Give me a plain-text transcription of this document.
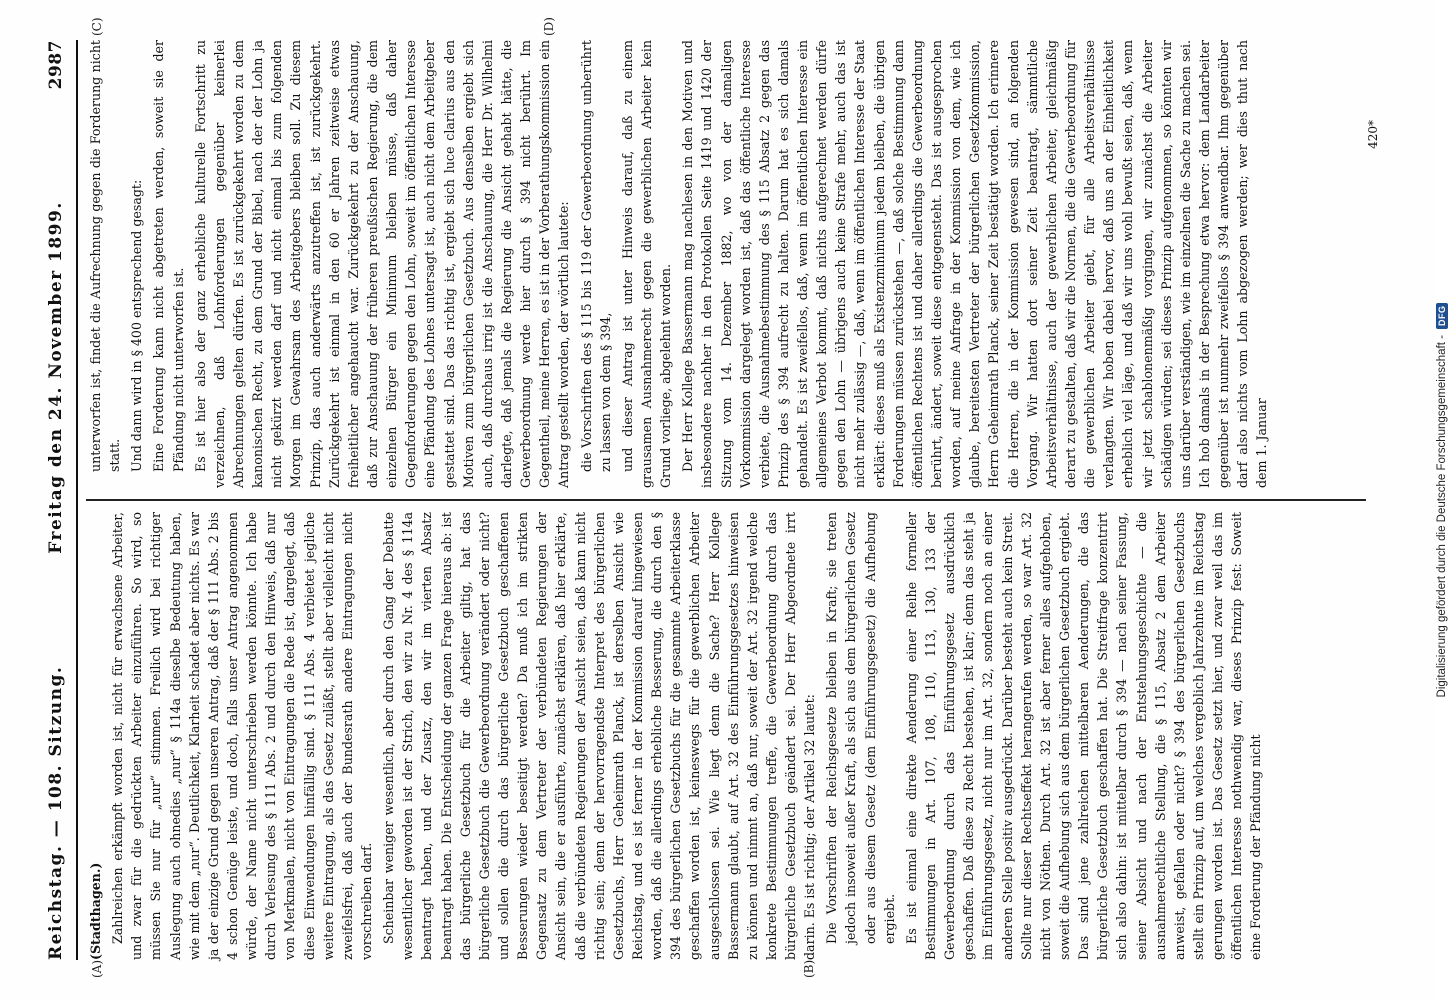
Reichstag. — 108. Sitzung.
Freitag den 24. November 1899.
2987
(A)	(B)
(C)	(D)

(Stadthagen.) Zahlreichen erkämpft worden ist, nicht für erwachsene Arbeiter, und zwar für die gedrückten Arbeiter einzuführen. So wird, so müssen Sie nur für „nur“ stimmen. Freilich wird bei richtiger Auslegung auch ohnedies „nur“ § 114a dieselbe Bedeutung haben, wie mit dem „nur“. Deutlichkeit, Klarheit schadet aber nichts. Es war ja der einzige Grund gegen unseren Antrag, daß der § 111 Abs. 2 bis 4 schon Genüge leiste, und doch, falls unser Antrag angenommen würde, der Name nicht unterschrieben werden könnte. Ich habe durch Verlesung des § 111 Abs. 2 und durch den Hinweis, daß nur von Merkmalen, nicht von Eintragungen die Rede ist, dargelegt, daß diese Einwendungen hinfällig sind. § 111 Abs. 4 verbietet jegliche weitere Eintragung, als das Gesetz zuläßt, stellt aber vielleicht nicht zweifelsfrei, daß auch der Bundesrath andere Eintragungen nicht vorschreiben darf. Scheinbar weniger wesentlich, aber durch den Gang der Debatte wesentlicher geworden ist der Strich, den wir zu Nr. 4 des § 114a beantragt haben, und der Zusatz, den wir im vierten Absatz beantragt haben. Die Entscheidung der ganzen Frage hieraus ab: ist das bürgerliche Gesetzbuch für die Arbeiter giltig, hat das bürgerliche Gesetzbuch die Gewerbeordnung verändert oder nicht? und sollen die durch das bürgerliche Gesetzbuch geschaffenen Besserungen wieder beseitigt werden? Da muß ich im strikten Gegensatz zu dem Vertreter der verbündeten Regierungen der Ansicht sein, die er ausführte, zunächst erklären, daß hier erklärte, daß die verbündeten Regierungen der Ansicht seien, daß kann nicht richtig sein; denn der hervorragendste Interpret des bürgerlichen Gesetzbuchs, Herr Geheimrath Planck, ist derselben Ansicht wie Reichstag, und es ist ferner in der Kommission darauf hingewiesen worden, daß die allerdings erhebliche Besserung, die durch den § 394 des bürgerlichen Gesetzbuchs für die gesammte Arbeiterklasse geschaffen worden ist, keineswegs für die gewerblichen Arbeiter ausgeschlossen sei. Wie liegt denn die Sache? Herr Kollege Bassermann glaubt, auf Art. 32 des Einführungsgesetzes hinweisen zu können und nimmt an, daß nur, soweit der Art. 32 irgend welche konkrete Bestimmungen treffe, die Gewerbeordnung durch das bürgerliche Gesetzbuch geändert sei. Der Herr Abgeordnete irrt darin. Es ist richtig; der Artikel 32 lautet: Die Vorschriften der Reichsgesetze bleiben in Kraft; sie treten jedoch insoweit außer Kraft, als sich aus dem bürgerlichen Gesetz oder aus diesem Gesetz (dem Einführungsgesetz) die Aufhebung ergiebt. Es ist einmal eine direkte Aenderung einer Reihe formeller Bestimmungen in Art. 107, 108, 110, 113, 130, 133 der Gewerbeordnung durch das Einführungsgesetz ausdrücklich geschaffen. Daß diese zu Recht bestehen, ist klar; denn das steht ja im Einführungsgesetz, nicht nur im Art. 32, sondern noch an einer anderen Stelle positiv ausgedrückt. Darüber besteht auch kein Streit. Sollte nur dieser Rechtseffekt herangerufen werden, so war Art. 32 nicht von Nöthen. Durch Art. 32 ist aber ferner alles aufgehoben, soweit die Aufhebung sich aus dem bürgerlichen Gesetzbuch ergiebt. Das sind jene zahlreichen mittelbaren Aenderungen, die das bürgerliche Gesetzbuch geschaffen hat. Die Streitfrage konzentrirt sich also dahin: ist mittelbar durch § 394 — nach seiner Fassung, seiner Absicht und nach der Entstehungsgeschichte — die ausnahmerechtliche Stellung, die § 115, Absatz 2 dem Arbeiter anweist, gefallen oder nicht? § 394 des bürgerlichen Gesetzbuchs stellt ein Prinzip auf, um welches vergeblich Jahrzehnte im Reichstag gerungen worden ist. Das Gesetz setzt hier, und zwar weil das im öffentlichen Interesse nothwendig war, dieses Prinzip fest: Soweit eine Forderung der Pfändung nicht

unterworfen ist, findet die Aufrechnung gegen die Forderung nicht statt. Und dann wird in § 400 entsprechend gesagt: Eine Forderung kann nicht abgetreten werden, soweit sie der Pfändung nicht unterworfen ist. Es ist hier also der ganz erhebliche kulturelle Fortschritt zu verzeichnen, daß Lohnforderungen gegenüber keinerlei Abrechnungen gelten dürfen. Es ist zurückgekehrt worden zu dem kanonischen Recht, zu dem Grund der Bibel, nach der der Lohn ja nicht gekürzt werden darf und nicht einmal bis zum folgenden Morgen im Gewahrsam des Arbeitgebers bleiben soll. Zu diesem Prinzip, das auch anderwärts anzutreffen ist, ist zurückgekehrt. Zurückgekehrt ist einmal in den 60 er Jahren zeitweise etwas freiheitlicher angehaucht war. Zurückgekehrt zu der Anschauung, daß zur Anschauung der früheren preußischen Regierung, die dem einzelnen Bürger ein Minimum bleiben müsse, daß daher Gegenforderungen gegen den Lohn, soweit im öffentlichen Interesse eine Pfändung des Lohnes untersagt ist, auch nicht dem Arbeitgeber gestattet sind. Das das richtig ist, ergiebt sich luce clarius aus den Motiven zum bürgerlichen Gesetzbuch. Aus denselben ergiebt sich auch, daß durchaus irrig ist die Anschauung, die Herr Dr. Wilhelmi darlegte, daß jemals die Regierung die Ansicht gehabt hätte, die Gewerbeordnung werde hier durch § 394 nicht berührt. Im Gegentheil, meine Herren, es ist in der Vorberathungskommission ein Antrag gestellt worden, der wörtlich lautete: die Vorschriften des § 115 bis 119 der Gewerbeordnung unberührt zu lassen von dem § 394, und dieser Antrag ist unter Hinweis darauf, daß zu einem grausamen Ausnahmerecht gegen die gewerblichen Arbeiter kein Grund vorliege, abgelehnt worden. Der Herr Kollege Bassermann mag nachlesen in den Motiven und insbesondere nachher in den Protokollen Seite 1419 und 1420 der Sitzung vom 14. Dezember 1882, wo von der damaligen Vorkommission dargelegt worden ist, daß das öffentliche Interesse verbiete, die Ausnahmebestimmung des § 115 Absatz 2 gegen das Prinzip des § 394 aufrecht zu halten. Darum hat es sich damals gehandelt. Es ist zweifellos, daß, wenn im öffentlichen Interesse ein allgemeines Verbot kommt, daß nichts aufgerechnet werden dürfe gegen den Lohn — übrigens auch keine Strafe mehr, auch das ist nicht mehr zulässig —, daß, wenn im öffentlichen Interesse der Staat erklärt: dieses muß als Existenzminimum jedem bleiben, die übrigen Forderungen müssen zurückstehen —, daß solche Bestimmung dann öffentlichen Rechtens ist und daher allerdings die Gewerbeordnung berührt, ändert, soweit diese entgegensteht. Das ist ausgesprochen worden, auf meine Anfrage in der Kommission von dem, wie ich glaube, bereitesten Vertreter der bürgerlichen Gesetzkommission, Herrn Geheimrath Planck, seiner Zeit bestätigt worden. Ich erinnere die Herren, die in der Kommission gewesen sind, an folgenden Vorgang. Wir hatten dort seiner Zeit beantragt, sämmtliche Arbeitsverhältnisse, auch der gewerblichen Arbeiter, gleichmäßig derart zu gestalten, daß wir die Normen, die die Gewerbeordnung für die gewerblichen Arbeiter giebt, für alle Arbeitsverhältnisse verlangten. Wir hoben dabei hervor, daß uns an der Einheitlichkeit erheblich viel läge, und daß wir uns wohl bewußt seien, daß, wenn wir jetzt schablonenmäßig vorgingen, wir zunächst die Arbeiter schädigen würden; sei dieses Prinzip aufgenommen, so könnten wir uns darüber verständigen, wie im einzelnen die Sache zu machen sei. Ich hob damals in der Besprechung etwa hervor: dem Landarbeiter gegenüber ist nunmehr zweifellos § 394 anwendbar. Ihm gegenüber darf also nichts vom Lohn abgezogen werden; wer dies thut nach dem 1. Januar

420*
Digitalisierung gefördert durch die Deutsche Forschungsgemeinschaft -
DFG
